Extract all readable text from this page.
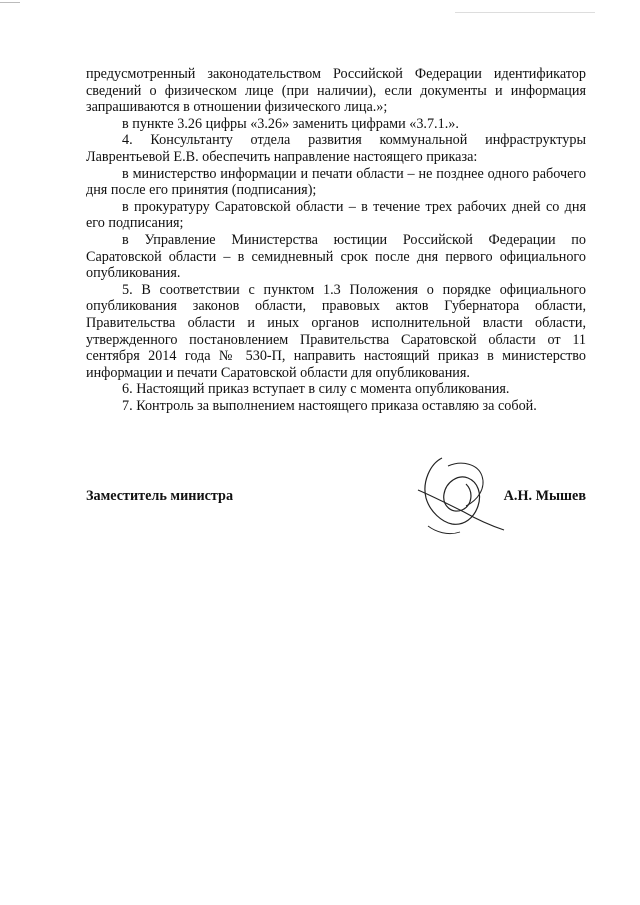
предусмотренный законодательством Российской Федерации идентификатор сведений о физическом лице (при наличии), если документы и информация запрашиваются в отношении физического лица.»;

в пункте 3.26 цифры «3.26» заменить цифрами «3.7.1.».

4. Консультанту отдела развития коммунальной инфраструктуры Лаврентьевой Е.В. обеспечить направление настоящего приказа:

в министерство информации и печати области – не позднее одного рабочего дня после его принятия (подписания);

в прокуратуру Саратовской области – в течение трех рабочих дней со дня его подписания;

в Управление Министерства юстиции Российской Федерации по Саратовской области – в семидневный срок после дня первого официального опубликования.

5. В соответствии с пунктом 1.3 Положения о порядке официального опубликования законов области, правовых актов Губернатора области, Правительства области и иных органов исполнительной власти области, утвержденного постановлением Правительства Саратовской области от 11 сентября 2014 года № 530-П, направить настоящий приказ в министерство информации и печати Саратовской области для опубликования.

6. Настоящий приказ вступает в силу с момента опубликования.

7. Контроль за выполнением настоящего приказа оставляю за собой.

Заместитель министра	А.Н. Мышев
